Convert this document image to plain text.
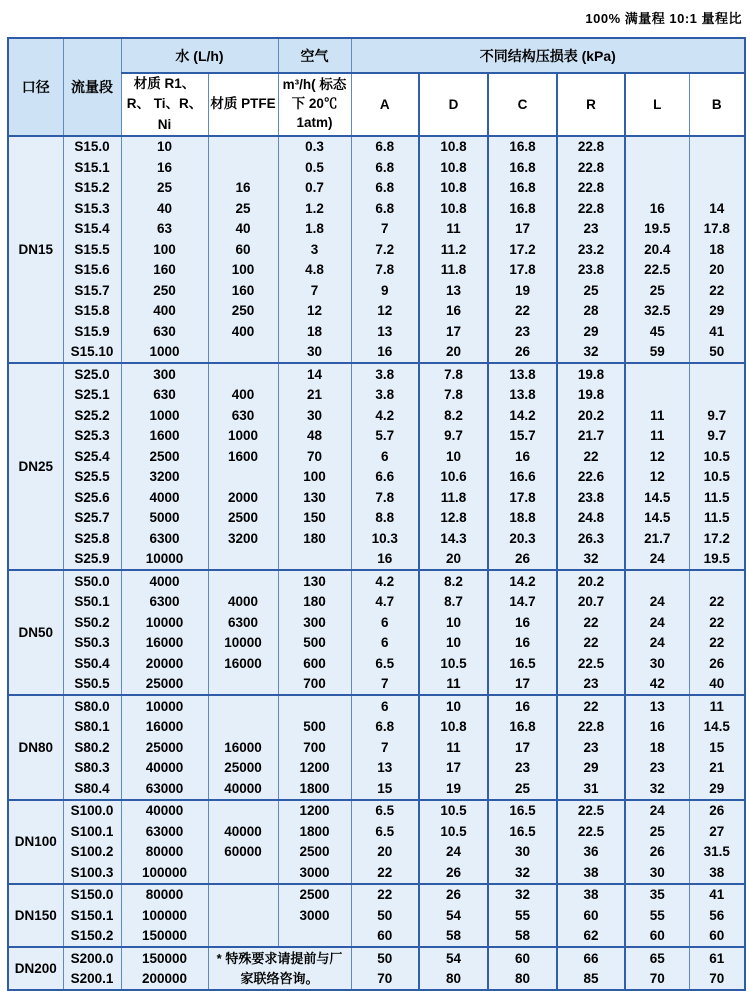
100% 满量程 10:1 量程比
口径	流量段	水 (L/h)		空气	不同结构压损表 (kPa)					
		材质 R1、R、 Ti、R、Ni	材质 PTFE	m³/h( 标态下 20℃ 1atm)	A	D	C	R	L	B
DN15	S15.0	10		0.3	6.8	10.8	16.8	22.8		
	S15.1	16		0.5	6.8	10.8	16.8	22.8		
	S15.2	25	16	0.7	6.8	10.8	16.8	22.8		
	S15.3	40	25	1.2	6.8	10.8	16.8	22.8	16	14
	S15.4	63	40	1.8	7	11	17	23	19.5	17.8
	S15.5	100	60	3	7.2	11.2	17.2	23.2	20.4	18
	S15.6	160	100	4.8	7.8	11.8	17.8	23.8	22.5	20
	S15.7	250	160	7	9	13	19	25	25	22
	S15.8	400	250	12	12	16	22	28	32.5	29
	S15.9	630	400	18	13	17	23	29	45	41
	S15.10	1000		30	16	20	26	32	59	50
DN25	S25.0	300		14	3.8	7.8	13.8	19.8		
	S25.1	630	400	21	3.8	7.8	13.8	19.8		
	S25.2	1000	630	30	4.2	8.2	14.2	20.2	11	9.7
	S25.3	1600	1000	48	5.7	9.7	15.7	21.7	11	9.7
	S25.4	2500	1600	70	6	10	16	22	12	10.5
	S25.5	3200		100	6.6	10.6	16.6	22.6	12	10.5
	S25.6	4000	2000	130	7.8	11.8	17.8	23.8	14.5	11.5
	S25.7	5000	2500	150	8.8	12.8	18.8	24.8	14.5	11.5
	S25.8	6300	3200	180	10.3	14.3	20.3	26.3	21.7	17.2
	S25.9	10000			16	20	26	32	24	19.5
DN50	S50.0	4000		130	4.2	8.2	14.2	20.2		
	S50.1	6300	4000	180	4.7	8.7	14.7	20.7	24	22
	S50.2	10000	6300	300	6	10	16	22	24	22
	S50.3	16000	10000	500	6	10	16	22	24	22
	S50.4	20000	16000	600	6.5	10.5	16.5	22.5	30	26
	S50.5	25000		700	7	11	17	23	42	40
DN80	S80.0	10000			6	10	16	22	13	11
	S80.1	16000		500	6.8	10.8	16.8	22.8	16	14.5
	S80.2	25000	16000	700	7	11	17	23	18	15
	S80.3	40000	25000	1200	13	17	23	29	23	21
	S80.4	63000	40000	1800	15	19	25	31	32	29
DN100	S100.0	40000		1200	6.5	10.5	16.5	22.5	24	26
	S100.1	63000	40000	1800	6.5	10.5	16.5	22.5	25	27
	S100.2	80000	60000	2500	20	24	30	36	26	31.5
	S100.3	100000		3000	22	26	32	38	30	38
DN150	S150.0	80000		2500	22	26	32	38	35	41
	S150.1	100000		3000	50	54	55	60	55	56
	S150.2	150000			60	58	58	62	60	60
DN200	S200.0	150000	* 特殊要求请提前与厂家联络咨询。		50	54	60	66	65	61
	S200.1	200000			70	80	80	85	70	70
